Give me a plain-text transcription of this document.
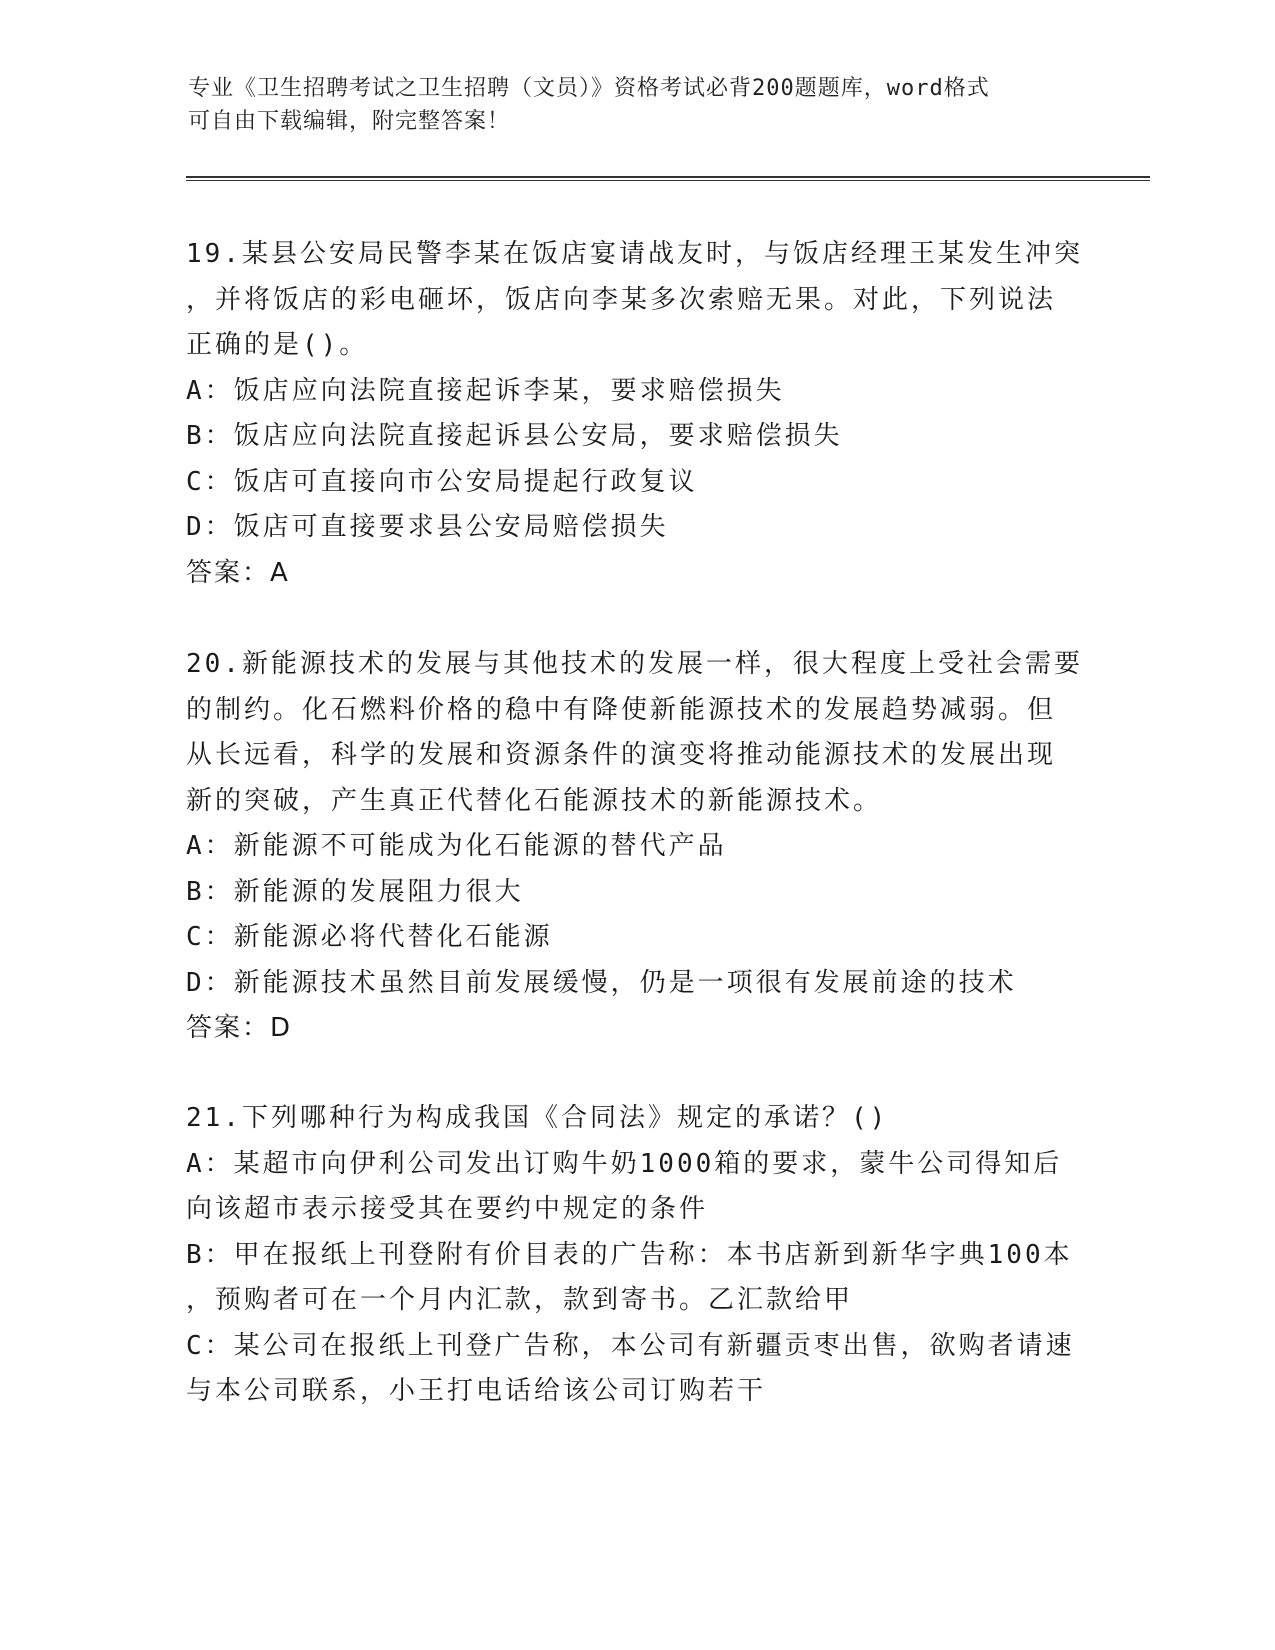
专业《卫生招聘考试之卫生招聘（文员）》资格考试必背200题题库，word格式
可自由下载编辑，附完整答案！
19.某县公安局民警李某在饭店宴请战友时，与饭店经理王某发生冲突
，并将饭店的彩电砸坏，饭店向李某多次索赔无果。对此，下列说法
正确的是()。
A：饭店应向法院直接起诉李某，要求赔偿损失
B：饭店应向法院直接起诉县公安局，要求赔偿损失
C：饭店可直接向市公安局提起行政复议
D：饭店可直接要求县公安局赔偿损失
答案：A
20.新能源技术的发展与其他技术的发展一样，很大程度上受社会需要
的制约。化石燃料价格的稳中有降使新能源技术的发展趋势减弱。但
从长远看，科学的发展和资源条件的演变将推动能源技术的发展出现
新的突破，产生真正代替化石能源技术的新能源技术。
A：新能源不可能成为化石能源的替代产品
B：新能源的发展阻力很大
C：新能源必将代替化石能源
D：新能源技术虽然目前发展缓慢，仍是一项很有发展前途的技术
答案：D
21.下列哪种行为构成我国《合同法》规定的承诺？()
A：某超市向伊利公司发出订购牛奶1000箱的要求，蒙牛公司得知后
向该超市表示接受其在要约中规定的条件
B：甲在报纸上刊登附有价目表的广告称：本书店新到新华字典100本
，预购者可在一个月内汇款，款到寄书。乙汇款给甲
C：某公司在报纸上刊登广告称，本公司有新疆贡枣出售，欲购者请速
与本公司联系，小王打电话给该公司订购若干
